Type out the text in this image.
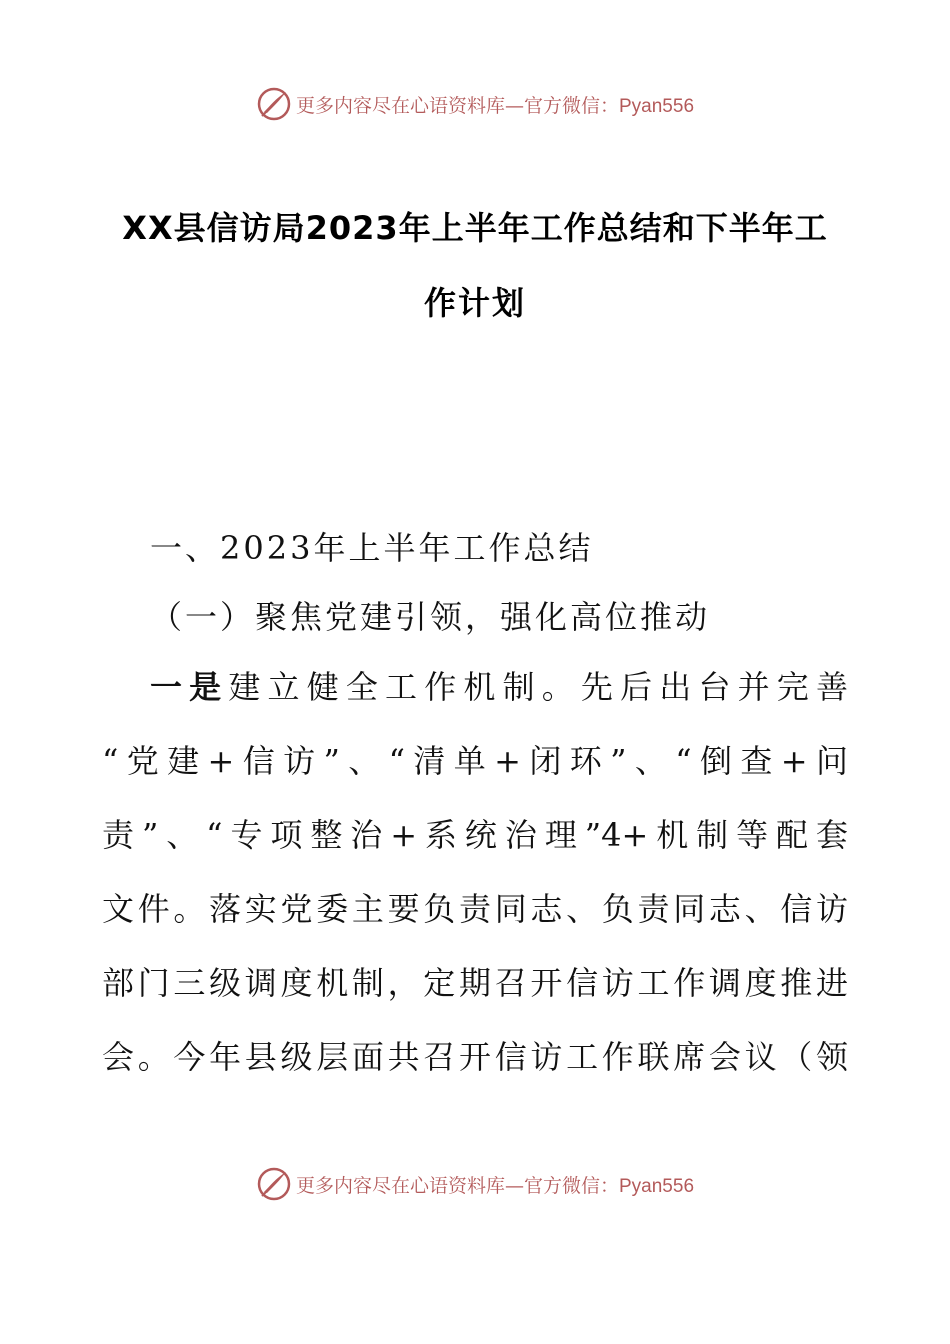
更多内容尽在心语资料库—官方微信：Pyan556
XX县信访局2023年上半年工作总结和下半年工
作计划
一、2023年上半年工作总结
（一）聚焦党建引领，强化高位推动
一是建立健全工作机制。先后出台并完善
“党建+信访”、“清单+闭环”、“倒查+问
责”、“专项整治+系统治理”4+机制等配套
文件。落实党委主要负责同志、负责同志、信访
部门三级调度机制，定期召开信访工作调度推进
会。今年县级层面共召开信访工作联席会议（领
更多内容尽在心语资料库—官方微信：Pyan556
